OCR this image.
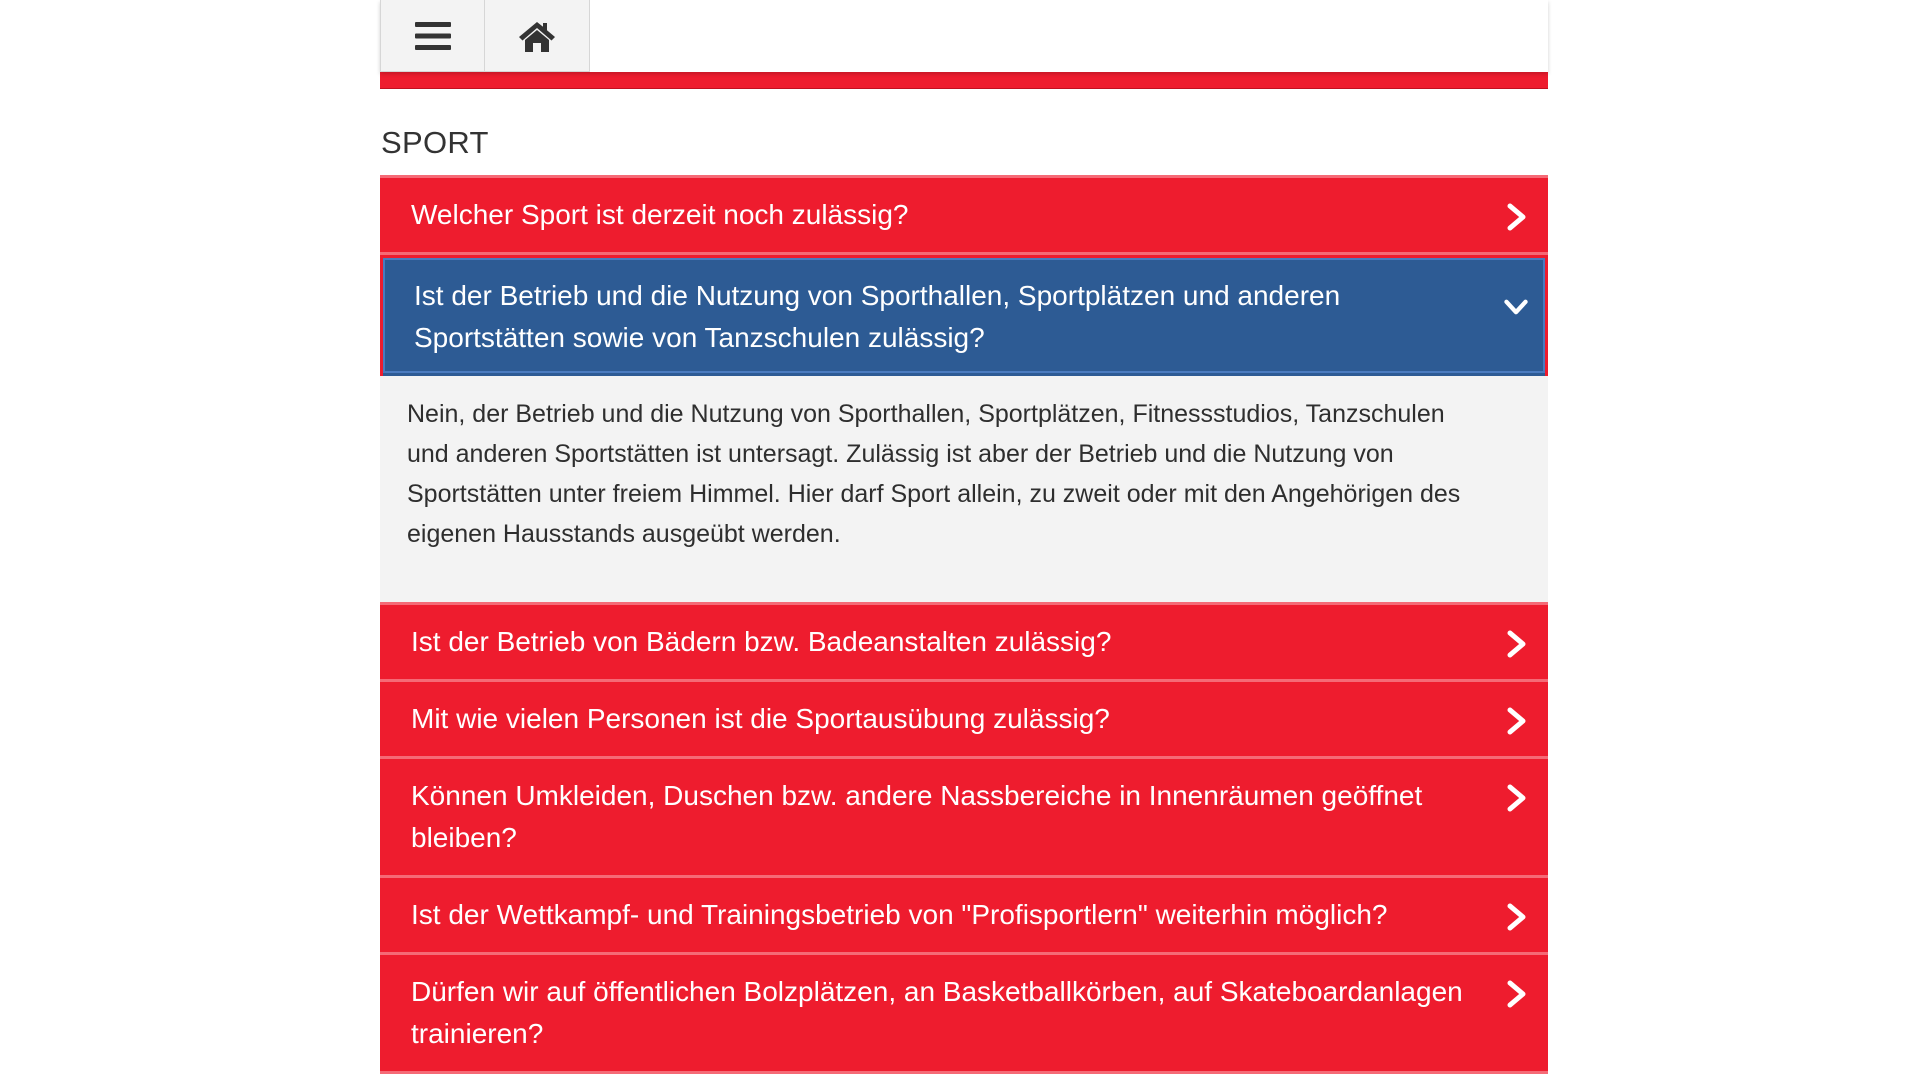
SPORT
Welcher Sport ist derzeit noch zulässig?
Ist der Betrieb und die Nutzung von Sporthallen, Sportplätzen und anderen Sportstätten sowie von Tanzschulen zulässig?
Nein, der Betrieb und die Nutzung von Sporthallen, Sportplätzen, Fitnessstudios, Tanzschulen und anderen Sportstätten ist untersagt. Zulässig ist aber der Betrieb und die Nutzung von Sportstätten unter freiem Himmel. Hier darf Sport allein, zu zweit oder mit den Angehörigen des eigenen Hausstands ausgeübt werden.
Ist der Betrieb von Bädern bzw. Badeanstalten zulässig?
Mit wie vielen Personen ist die Sportausübung zulässig?
Können Umkleiden, Duschen bzw. andere Nassbereiche in Innenräumen geöffnet bleiben?
Ist der Wettkampf- und Trainingsbetrieb von "Profisportlern" weiterhin möglich?
Dürfen wir auf öffentlichen Bolzplätzen, an Basketballkörben, auf Skateboardanlagen trainieren?
